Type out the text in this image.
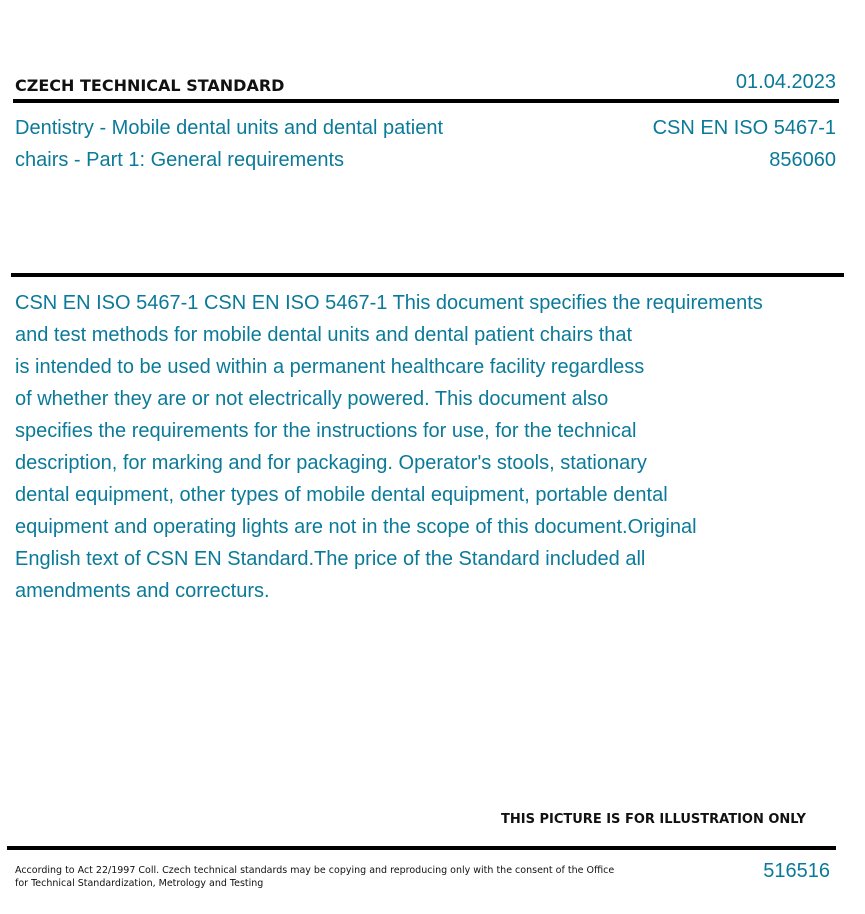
CZECH TECHNICAL STANDARD	01.04.2023
Dentistry - Mobile dental units and dental patient
chairs - Part 1: General requirements
CSN EN ISO 5467-1
856060
CSN EN ISO 5467-1 CSN EN ISO 5467-1 This document specifies the requirements
and test methods for mobile dental units and dental patient chairs that
is intended to be used within a permanent healthcare facility regardless
of whether they are or not electrically powered. This document also
specifies the requirements for the instructions for use, for the technical
description, for marking and for packaging. Operator's stools, stationary
dental equipment, other types of mobile dental equipment, portable dental
equipment and operating lights are not in the scope of this document.Original
English text of CSN EN Standard.The price of the Standard included all
amendments and correcturs.
THIS PICTURE IS FOR ILLUSTRATION ONLY
According to Act 22/1997 Coll. Czech technical standards may be copying and reproducing only with the consent of the Office
for Technical Standardization, Metrology and Testing
516516
